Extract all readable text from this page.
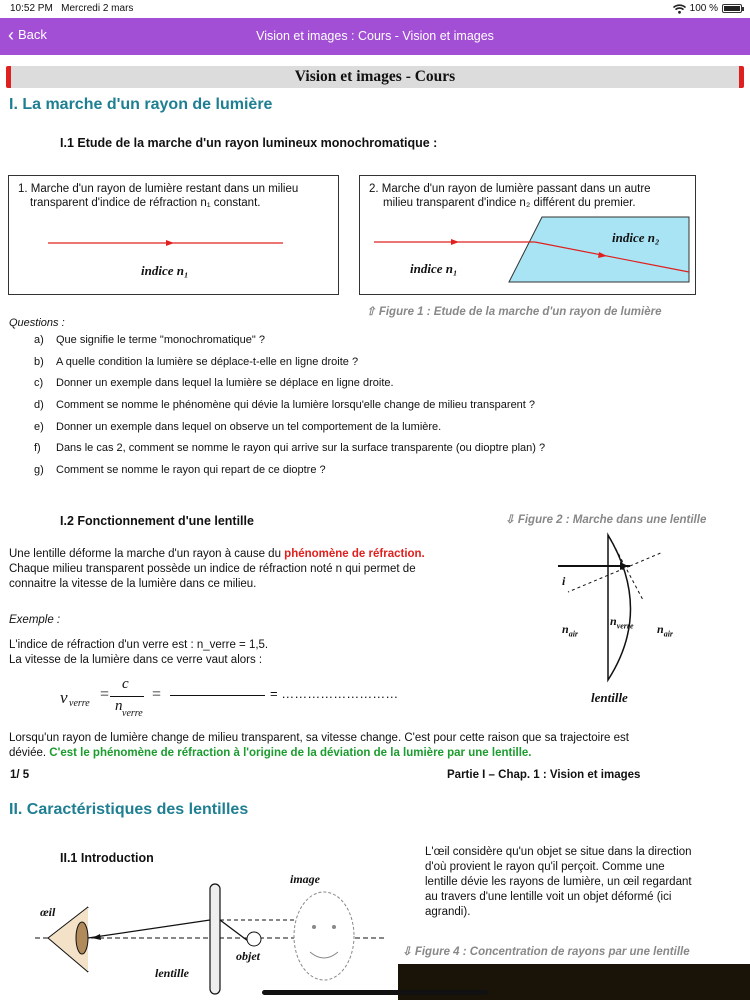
10:52 PM Mercredi 2 mars	100 %
‹ Back	Vision et images : Cours - Vision et images
Vision et images - Cours
I. La marche d'un rayon de lumière
I.1 Etude de la marche d'un rayon lumineux monochromatique :
1. Marche d'un rayon de lumière restant dans un milieu
transparent d'indice de réfraction n₁ constant.
indice n₁
2. Marche d'un rayon de lumière passant dans un autre
milieu transparent d'indice n₂ différent du premier.
indice n₁
indice n₂
⇧ Figure 1 : Etude de la marche d'un rayon de lumière
Questions :
a)	Que signifie le terme "monochromatique" ?
b)	A quelle condition la lumière se déplace-t-elle en ligne droite ?
c)	Donner un exemple dans lequel la lumière se déplace en ligne droite.
d)	Comment se nomme le phénomène qui dévie la lumière lorsqu'elle change de milieu transparent ?
e)	Donner un exemple dans lequel on observe un tel comportement de la lumière.
f)	Dans le cas 2, comment se nomme le rayon qui arrive sur la surface transparente (ou dioptre plan) ?
g)	Comment se nomme le rayon qui repart de ce dioptre ?
I.2 Fonctionnement d'une lentille	⇩ Figure 2 : Marche dans une lentille
Une lentille déforme la marche d'un rayon à cause du phénomène de réfraction.
Chaque milieu transparent possède un indice de réfraction noté n qui permet de
connaitre la vitesse de la lumière dans ce milieu.
Exemple :
L'indice de réfraction d'un verre est : n_verre = 1,5.
La vitesse de la lumière dans ce verre vaut alors :
v verre
=
c
n verre
=	= ………………………
i
$n_{air}$
$n_{verre}$ $n_{air}$
lentille
Lorsqu'un rayon de lumière change de milieu transparent, sa vitesse change. C'est pour cette raison que sa trajectoire est
déviée. C'est le phénomène de réfraction à l'origine de la déviation de la lumière par une lentille.
1/ 5	Partie I – Chap. 1 : Vision et images
II. Caractéristiques des lentilles
II.1 Introduction	L'œil considère qu'un objet se situe dans la direction
d'où provient le rayon qu'il perçoit. Comme une
lentille dévie les rayons de lumière, un œil regardant
au travers d'une lentille voit un objet déformé (ici
agrandi).
œil
image
objet
lentille
⇩ Figure 4 : Concentration de rayons par une lentille
